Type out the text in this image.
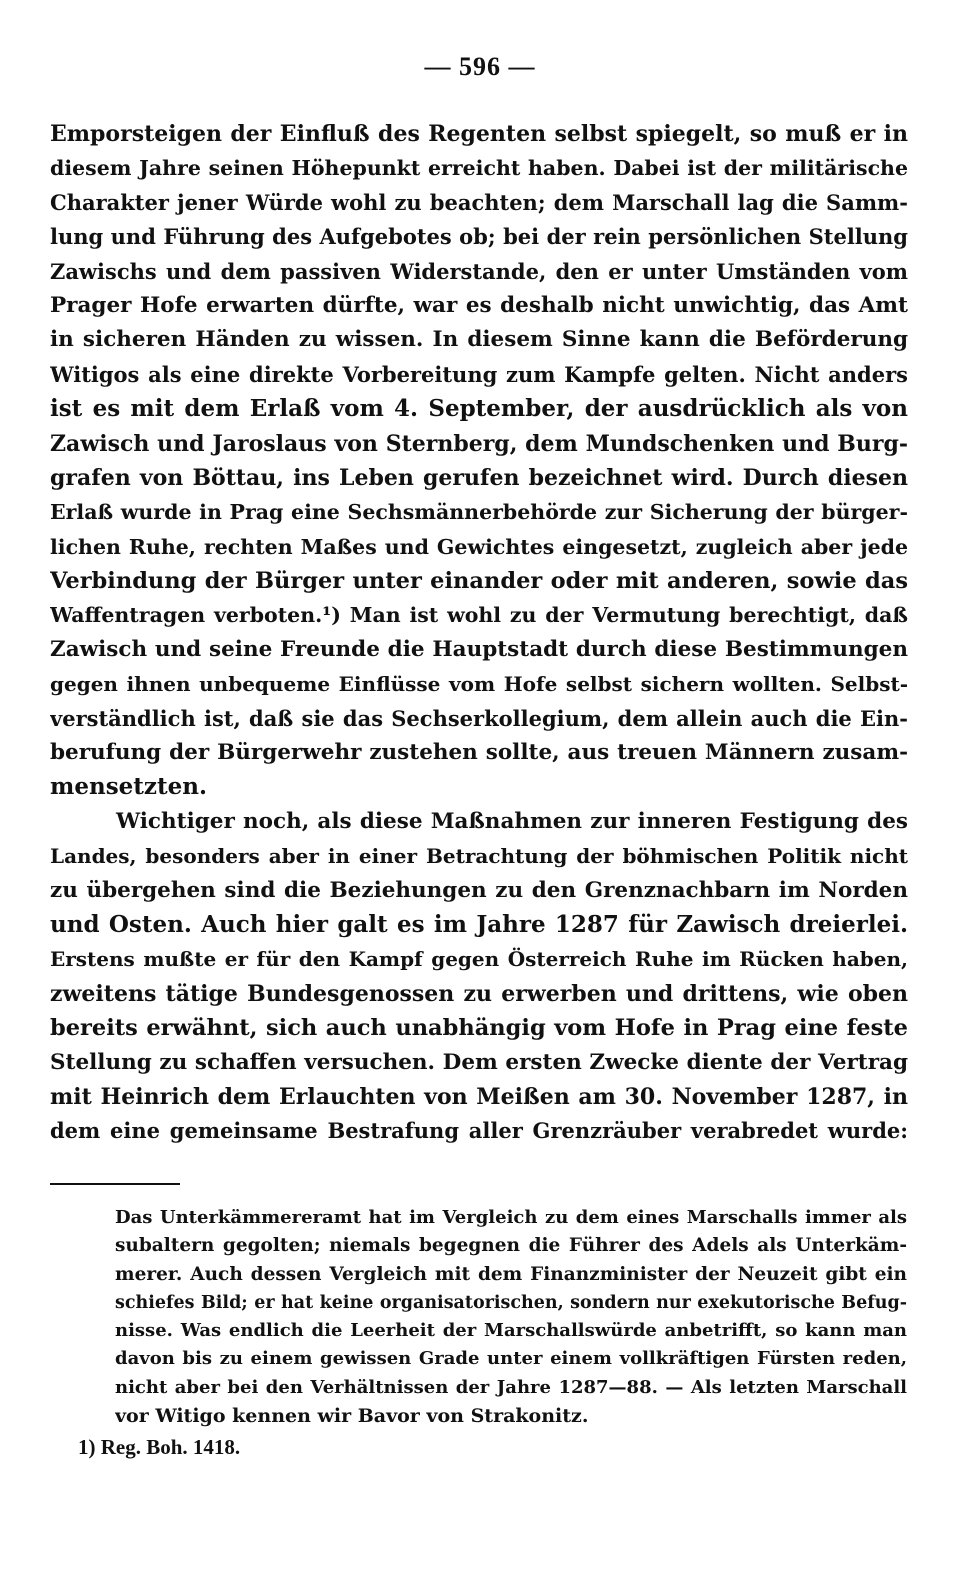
— 596 —
Emporsteigen der Einfluß des Regenten selbst spiegelt, so muß er in
diesem Jahre seinen Höhepunkt erreicht haben. Dabei ist der militärische
Charakter jener Würde wohl zu beachten; dem Marschall lag die Samm-
lung und Führung des Aufgebotes ob; bei der rein persönlichen Stellung
Zawischs und dem passiven Widerstande, den er unter Umständen vom
Prager Hofe erwarten dürfte, war es deshalb nicht unwichtig, das Amt
in sicheren Händen zu wissen. In diesem Sinne kann die Beförderung
Witigos als eine direkte Vorbereitung zum Kampfe gelten. Nicht anders
ist es mit dem Erlaß vom 4. September, der ausdrücklich als von
Zawisch und Jaroslaus von Sternberg, dem Mundschenken und Burg-
grafen von Böttau, ins Leben gerufen bezeichnet wird. Durch diesen
Erlaß wurde in Prag eine Sechsmännerbehörde zur Sicherung der bürger-
lichen Ruhe, rechten Maßes und Gewichtes eingesetzt, zugleich aber jede
Verbindung der Bürger unter einander oder mit anderen, sowie das
Waffentragen verboten.¹) Man ist wohl zu der Vermutung berechtigt, daß
Zawisch und seine Freunde die Hauptstadt durch diese Bestimmungen
gegen ihnen unbequeme Einflüsse vom Hofe selbst sichern wollten. Selbst-
verständlich ist, daß sie das Sechserkollegium, dem allein auch die Ein-
berufung der Bürgerwehr zustehen sollte, aus treuen Männern zusam-
mensetzten.
Wichtiger noch, als diese Maßnahmen zur inneren Festigung des
Landes, besonders aber in einer Betrachtung der böhmischen Politik nicht
zu übergehen sind die Beziehungen zu den Grenznachbarn im Norden
und Osten. Auch hier galt es im Jahre 1287 für Zawisch dreierlei.
Erstens mußte er für den Kampf gegen Österreich Ruhe im Rücken haben,
zweitens tätige Bundesgenossen zu erwerben und drittens, wie oben
bereits erwähnt, sich auch unabhängig vom Hofe in Prag eine feste
Stellung zu schaffen versuchen. Dem ersten Zwecke diente der Vertrag
mit Heinrich dem Erlauchten von Meißen am 30. November 1287, in
dem eine gemeinsame Bestrafung aller Grenzräuber verabredet wurde:
Das Unterkämmereramt hat im Vergleich zu dem eines Marschalls immer als
subaltern gegolten; niemals begegnen die Führer des Adels als Unterkäm-
merer. Auch dessen Vergleich mit dem Finanzminister der Neuzeit gibt ein
schiefes Bild; er hat keine organisatorischen, sondern nur exekutorische Befug-
nisse. Was endlich die Leerheit der Marschallswürde anbetrifft, so kann man
davon bis zu einem gewissen Grade unter einem vollkräftigen Fürsten reden,
nicht aber bei den Verhältnissen der Jahre 1287—88. — Als letzten Marschall
vor Witigo kennen wir Bavor von Strakonitz.
1) Reg. Boh. 1418.
